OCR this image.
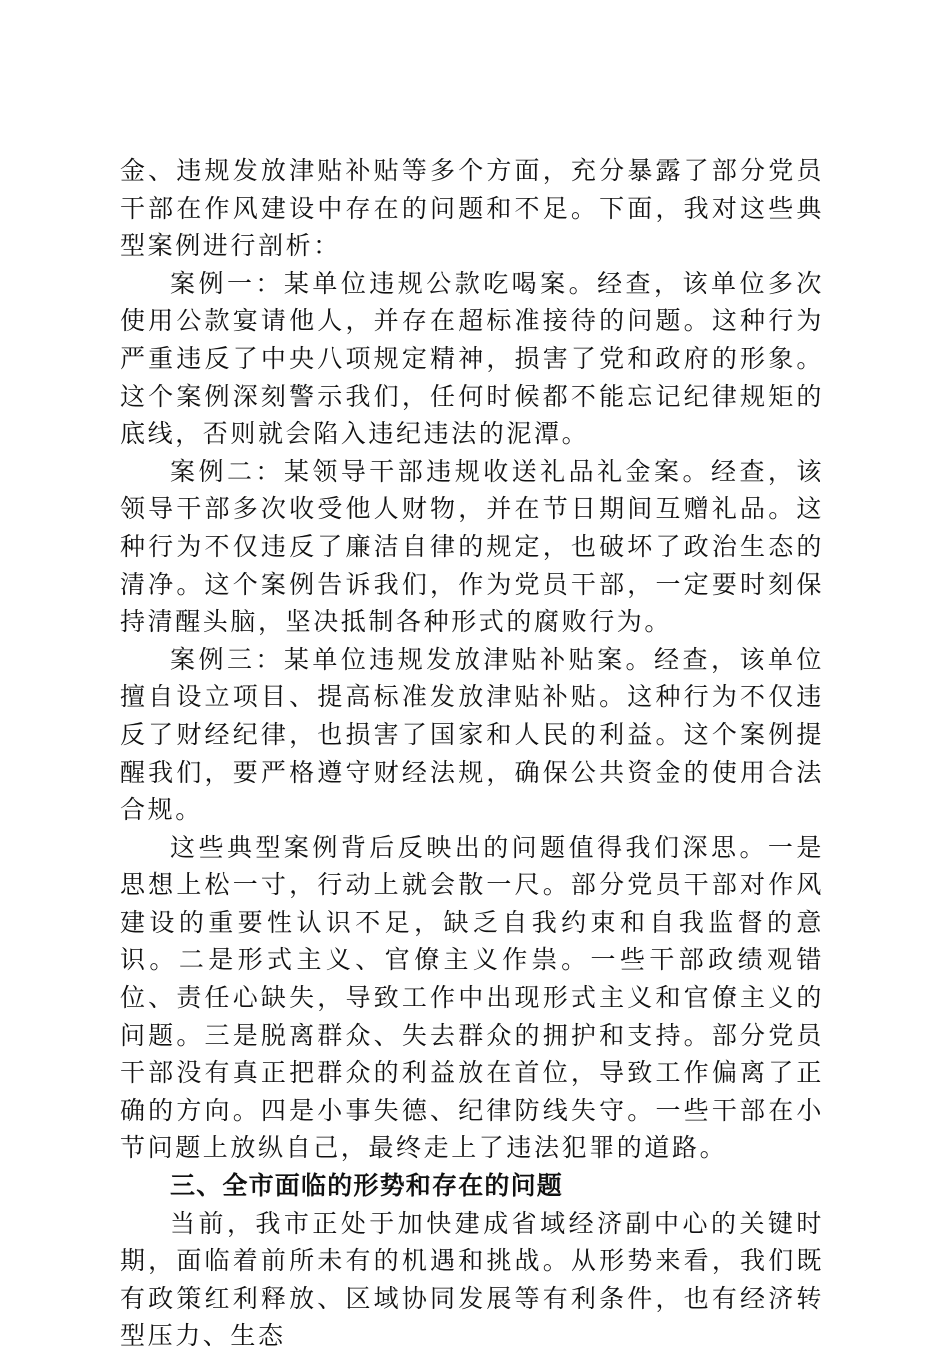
金、违规发放津贴补贴等多个方面，充分暴露了部分党员干部在作风建设中存在的问题和不足。下面，我对这些典型案例进行剖析：

案例一：某单位违规公款吃喝案。经查，该单位多次使用公款宴请他人，并存在超标准接待的问题。这种行为严重违反了中央八项规定精神，损害了党和政府的形象。这个案例深刻警示我们，任何时候都不能忘记纪律规矩的底线，否则就会陷入违纪违法的泥潭。

案例二：某领导干部违规收送礼品礼金案。经查，该领导干部多次收受他人财物，并在节日期间互赠礼品。这种行为不仅违反了廉洁自律的规定，也破坏了政治生态的清净。这个案例告诉我们，作为党员干部，一定要时刻保持清醒头脑，坚决抵制各种形式的腐败行为。

案例三：某单位违规发放津贴补贴案。经查，该单位擅自设立项目、提高标准发放津贴补贴。这种行为不仅违反了财经纪律，也损害了国家和人民的利益。这个案例提醒我们，要严格遵守财经法规，确保公共资金的使用合法合规。

这些典型案例背后反映出的问题值得我们深思。一是思想上松一寸，行动上就会散一尺。部分党员干部对作风建设的重要性认识不足，缺乏自我约束和自我监督的意识。二是形式主义、官僚主义作祟。一些干部政绩观错位、责任心缺失，导致工作中出现形式主义和官僚主义的问题。三是脱离群众、失去群众的拥护和支持。部分党员干部没有真正把群众的利益放在首位，导致工作偏离了正确的方向。四是小事失德、纪律防线失守。一些干部在小节问题上放纵自己，最终走上了违法犯罪的道路。

三、全市面临的形势和存在的问题

当前，我市正处于加快建成省域经济副中心的关键时期，面临着前所未有的机遇和挑战。从形势来看，我们既有政策红利释放、区域协同发展等有利条件，也有经济转型压力、生态
